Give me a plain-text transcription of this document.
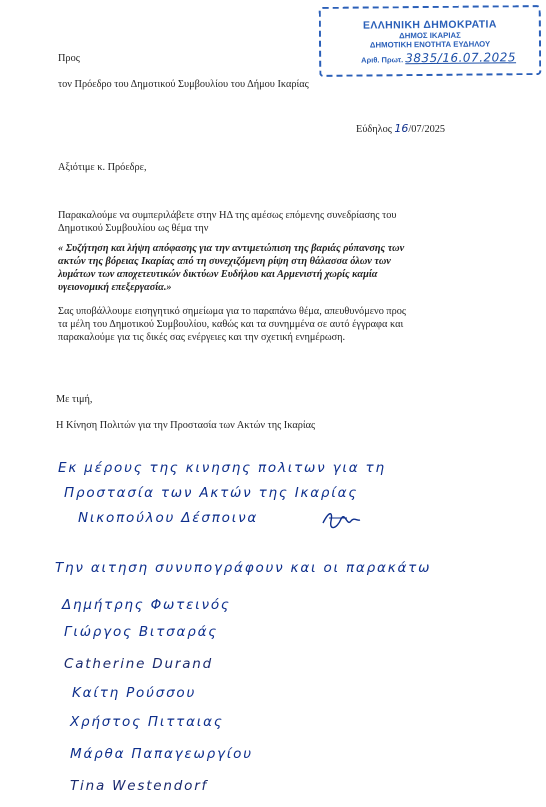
ΕΛΛΗΝΙΚΗ ΔΗΜΟΚΡΑΤΙΑ
ΔΗΜΟΣ ΙΚΑΡΙΑΣ
ΔΗΜΟΤΙΚΗ ΕΝΟΤΗΤΑ ΕΥΔΗΛΟΥ
Αριθ. Πρωτ. 3835/16.07.2025
Προς
τον Πρόεδρο του Δημοτικού Συμβουλίου του Δήμου Ικαρίας
Εύδηλος 16/07/2025
Αξιότιμε κ. Πρόεδρε,
Παρακαλούμε να συμπεριλάβετε στην ΗΔ της αμέσως επόμενης συνεδρίασης του
Δημοτικού Συμβουλίου ως θέμα την
« Συζήτηση και λήψη απόφασης για την αντιμετώπιση της βαριάς ρύπανσης των
ακτών της βόρειας Ικαρίας από τη συνεχιζόμενη ρίψη στη θάλασσα όλων των
λυμάτων των αποχετευτικών δικτύων Ευδήλου και Αρμενιστή χωρίς καμία
υγειονομική επεξεργασία.»
Σας υποβάλλουμε εισηγητικό σημείωμα για το παραπάνω θέμα, απευθυνόμενο προς
τα μέλη του Δημοτικού Συμβουλίου, καθώς και τα συνημμένα σε αυτό έγγραφα και
παρακαλούμε για τις δικές σας ενέργειες και την σχετική ενημέρωση.
Με τιμή,
Η Κίνηση Πολιτών για την Προστασία των Ακτών της Ικαρίας
Εκ μέρους της κινησης πολιτων για τη
Προστασία των Ακτών της Ικαρίας
Νικοπούλου Δέσποινα
Την αιτηση συνυπογράφουν και οι παρακάτω
Δημήτρης Φωτεινός
Γιώργος Βιτσαράς
Catherine Durand
Καίτη Ρούσσου
Χρήστος Πιτταιας
Μάρθα Παπαγεωργίου
Tina Westendorf
